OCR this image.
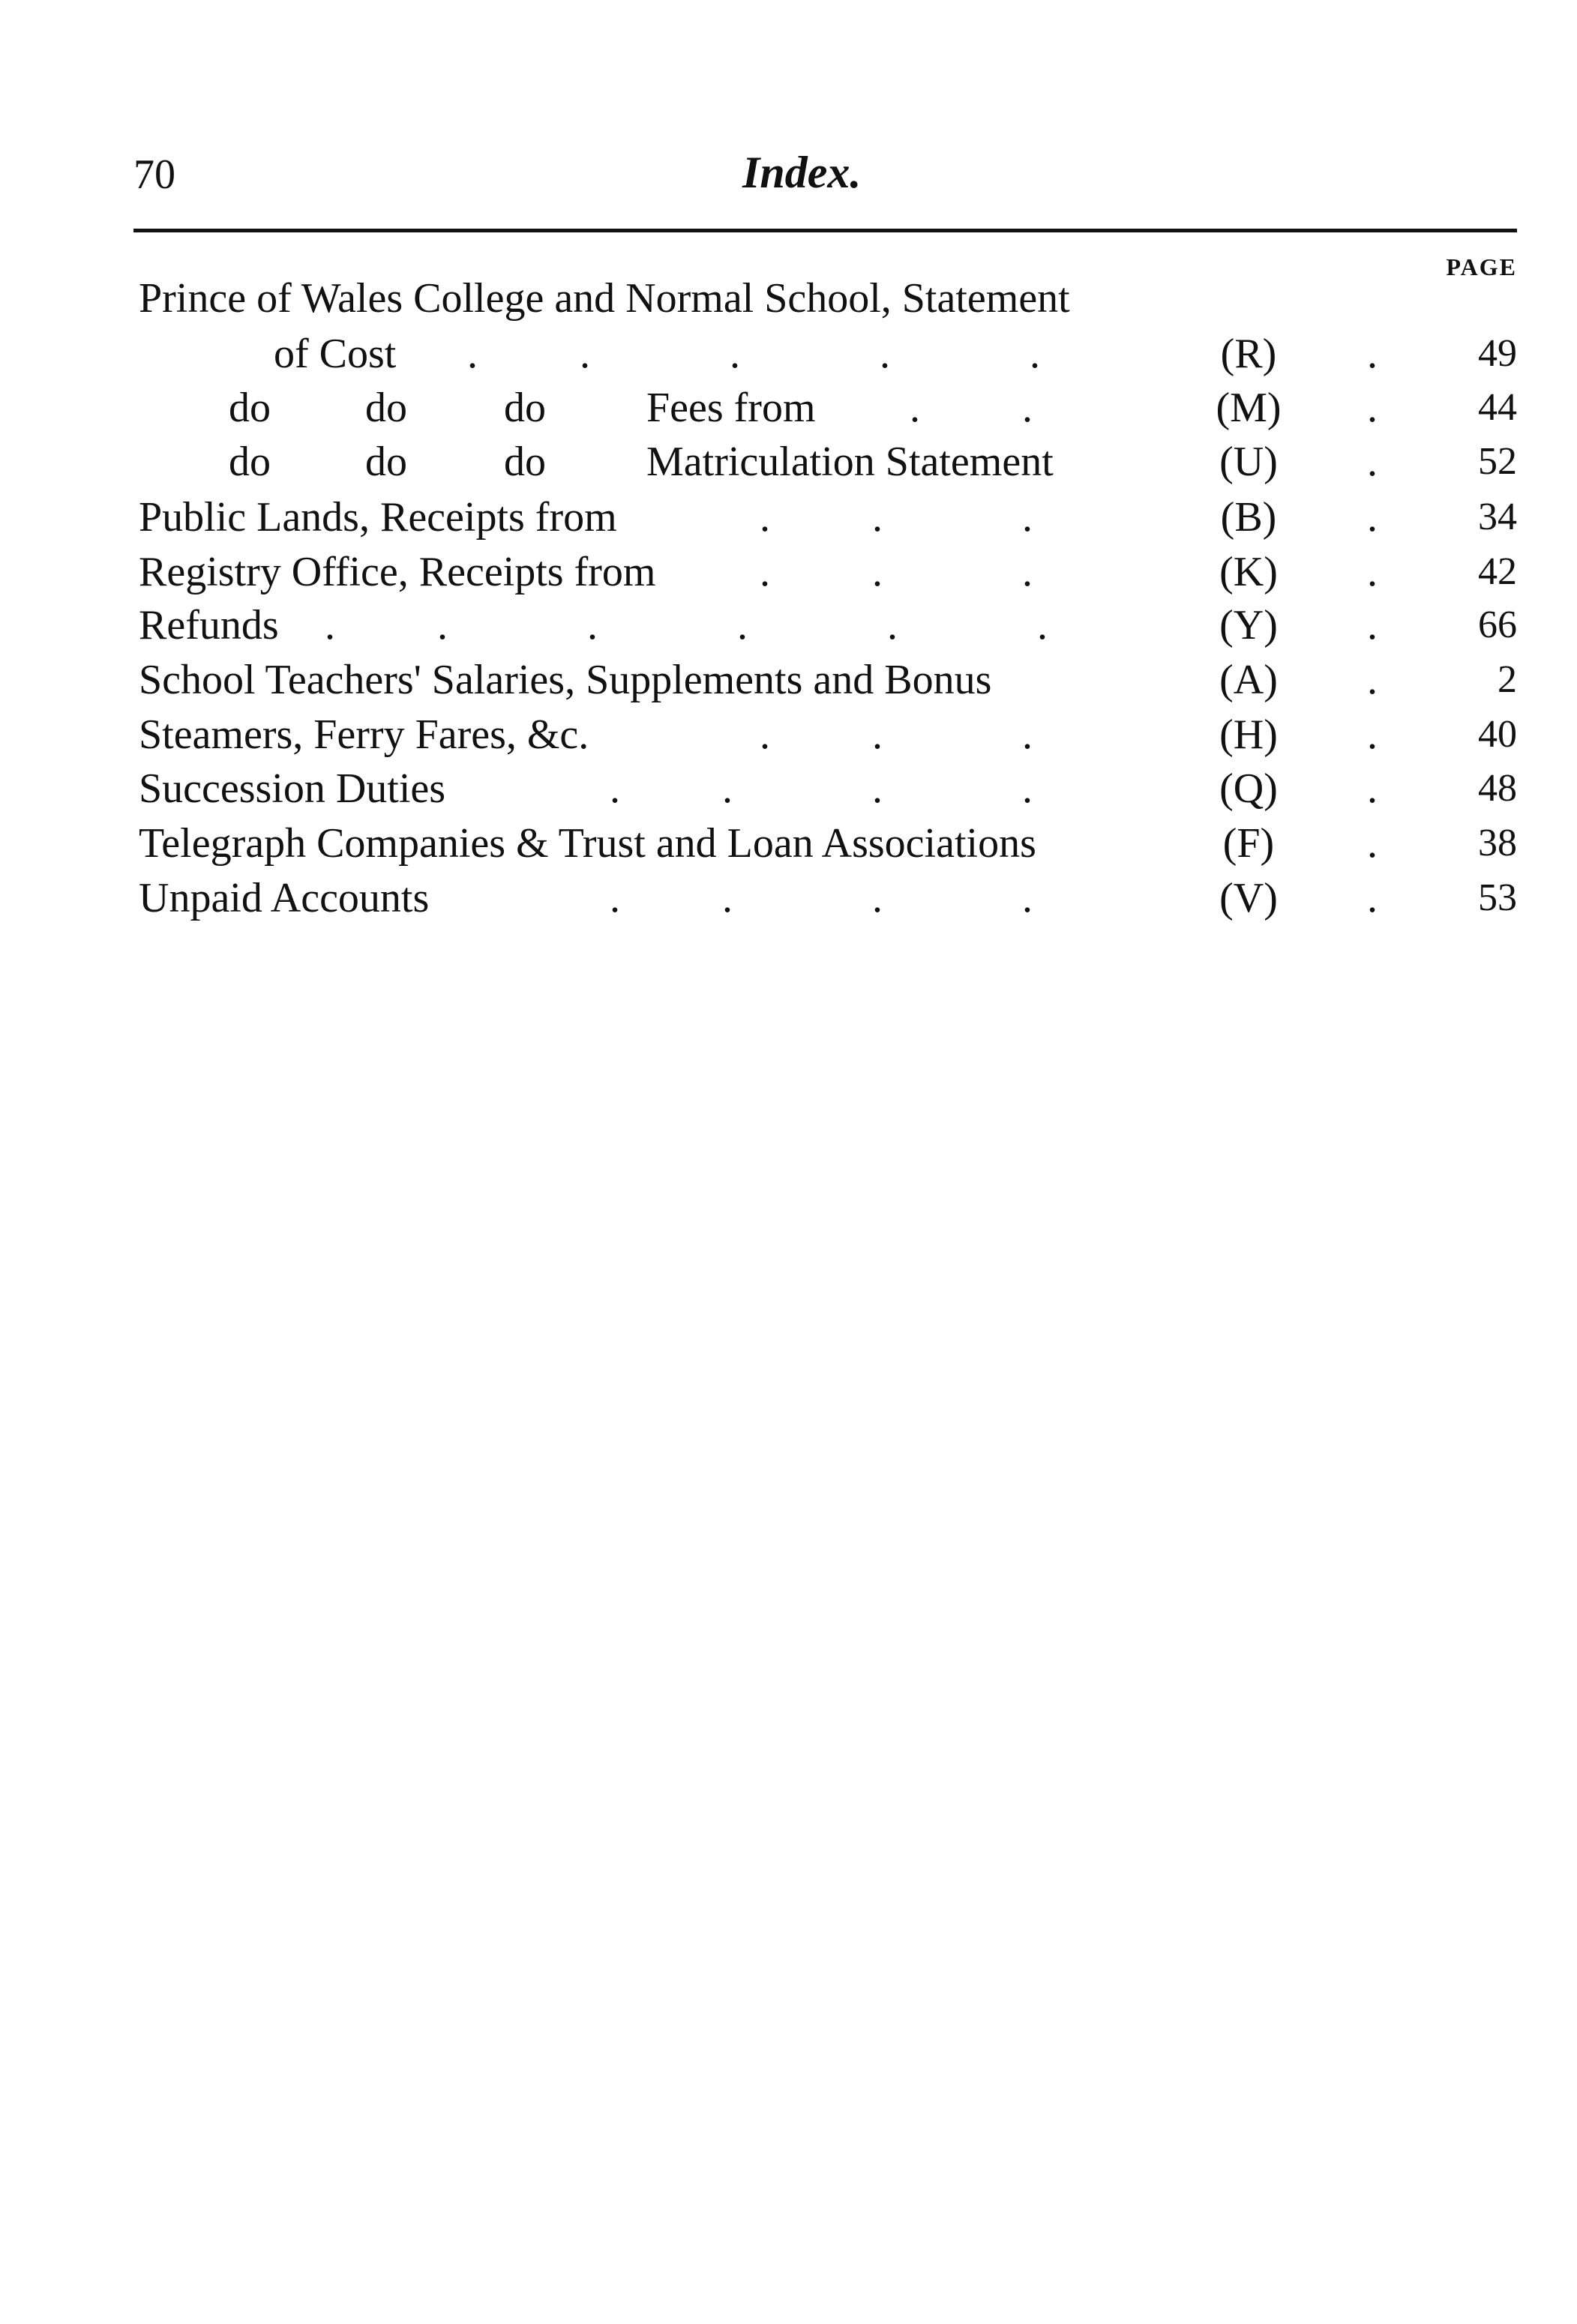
70	Index.
PAGE
Prince of Wales College and Normal School, Statement
of Cost	. .	.	.	.	(R)	.	49
do do do Fees from	. .	(M) .	44
do do do Matriculation Statement	(U) .	52
Public Lands, Receipts from	. .	.	(B)	.	34
Registry Office, Receipts from	. .	.	(K) .	42
Refunds	. .	.	.	.	.	(Y) .	66
School Teachers' Salaries, Supplements and Bonus	(A) .	2
Steamers, Ferry Fares, &c.	. .	.	(H) .	40
Succession Duties	. .	.	.	(Q) .	48
Telegraph Companies & Trust and Loan Associations	(F)	.	38
Unpaid Accounts	. .	.	.	(V) .	53
